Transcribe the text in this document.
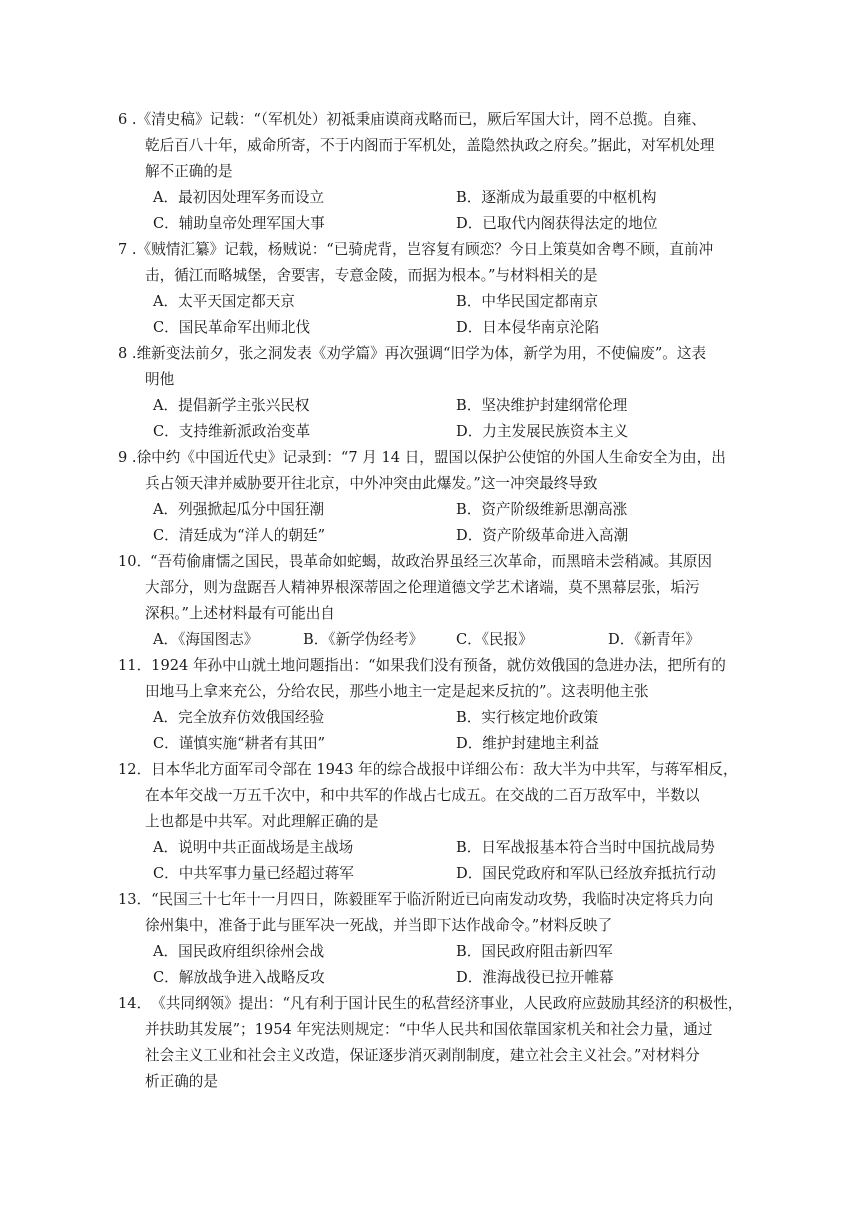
6 .《清史稿》记载：“（军机处）初祗秉庙谟商戎略而已，厥后军国大计，罔不总揽。自雍、
乾后百八十年，威命所寄，不于内阁而于军机处，盖隐然执政之府矣。”据此，对军机处理
解不正确的是
A．最初因处理军务而设立	B．逐渐成为最重要的中枢机构
C．辅助皇帝处理军国大事	D．已取代内阁获得法定的地位
7 .《贼情汇纂》记载，杨贼说：“已骑虎背，岂容复有顾恋？今日上策莫如舍粤不顾，直前冲
击，循江而略城堡，舍要害，专意金陵，而据为根本。”与材料相关的是
A．太平天国定都天京	B．中华民国定都南京
C．国民革命军出师北伐	D．日本侵华南京沦陷
8 .维新变法前夕，张之洞发表《劝学篇》再次强调“旧学为体，新学为用，不使偏废”。这表
明他
A．提倡新学主张兴民权	B．坚决维护封建纲常伦理
C．支持维新派政治变革	D．力主发展民族资本主义
9 .徐中约《中国近代史》记录到：“7 月 14 日，盟国以保护公使馆的外国人生命安全为由，出
兵占领天津并威胁要开往北京，中外冲突由此爆发。”这一冲突最终导致
A．列强掀起瓜分中国狂潮	B．资产阶级维新思潮高涨
C．清廷成为“洋人的朝廷”	D．资产阶级革命进入高潮
10．“吾苟偷庸懦之国民，畏革命如蛇蝎，故政治界虽经三次革命，而黑暗未尝稍减。其原因
大部分，则为盘踞吾人精神界根深蒂固之伦理道德文学艺术诸端，莫不黑幕层张，垢污
深积。”上述材料最有可能出自
A．《海国图志》	B．《新学伪经考》 C．《民报》	D．《新青年》
11．1924 年孙中山就土地问题指出：“如果我们没有预备，就仿效俄国的急进办法，把所有的
田地马上拿来充公，分给农民，那些小地主一定是起来反抗的”。这表明他主张
A．完全放弃仿效俄国经验	B．实行核定地价政策
C．谨慎实施“耕者有其田”	D．维护封建地主利益
12．日本华北方面军司令部在 1943 年的综合战报中详细公布：敌大半为中共军，与蒋军相反，
在本年交战一万五千次中，和中共军的作战占七成五。在交战的二百万敌军中，半数以
上也都是中共军。对此理解正确的是
A．说明中共正面战场是主战场	B．日军战报基本符合当时中国抗战局势
C．中共军事力量已经超过蒋军	D．国民党政府和军队已经放弃抵抗行动
13．“民国三十七年十一月四日，陈毅匪军于临沂附近已向南发动攻势，我临时决定将兵力向
徐州集中，准备于此与匪军决一死战，并当即下达作战命令。”材料反映了
A．国民政府组织徐州会战	B．国民政府阻击新四军
C．解放战争进入战略反攻	D．淮海战役已拉开帷幕
14．《共同纲领》提出：“凡有利于国计民生的私营经济事业，人民政府应鼓励其经济的积极性，
并扶助其发展”；1954 年宪法则规定：“中华人民共和国依靠国家机关和社会力量，通过
社会主义工业和社会主义改造，保证逐步消灭剥削制度，建立社会主义社会。”对材料分
析正确的是
